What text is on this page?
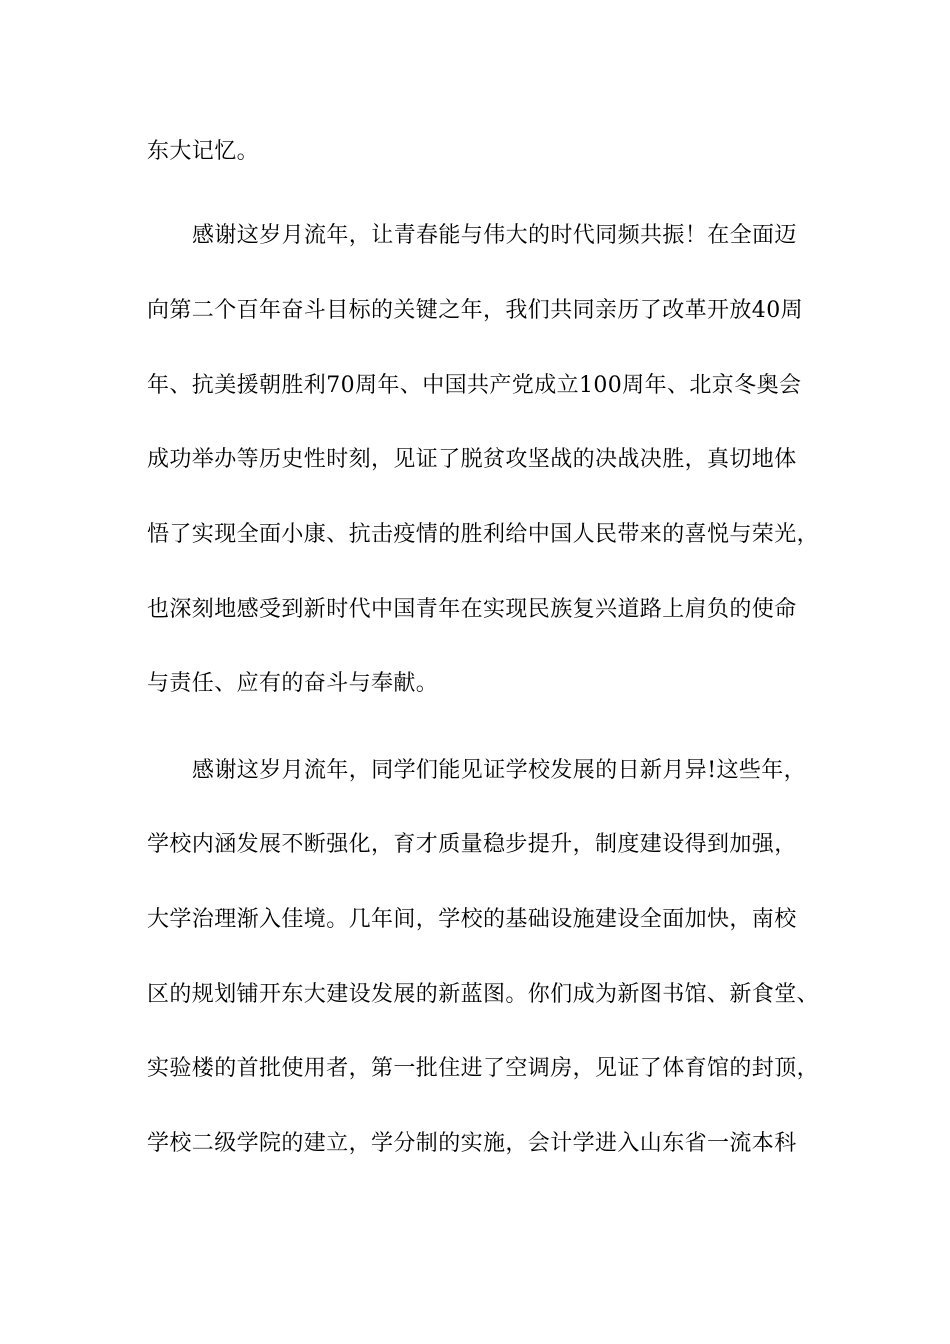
东大记忆。
感谢这岁月流年，让青春能与伟大的时代同频共振！在全面迈
向第二个百年奋斗目标的关键之年，我们共同亲历了改革开放40周
年、抗美援朝胜利70周年、中国共产党成立100周年、北京冬奥会
成功举办等历史性时刻，见证了脱贫攻坚战的决战决胜，真切地体
悟了实现全面小康、抗击疫情的胜利给中国人民带来的喜悦与荣光，
也深刻地感受到新时代中国青年在实现民族复兴道路上肩负的使命
与责任、应有的奋斗与奉献。
感谢这岁月流年，同学们能见证学校发展的日新月异!这些年，
学校内涵发展不断强化，育才质量稳步提升，制度建设得到加强，
大学治理渐入佳境。几年间，学校的基础设施建设全面加快，南校
区的规划铺开东大建设发展的新蓝图。你们成为新图书馆、新食堂、
实验楼的首批使用者，第一批住进了空调房，见证了体育馆的封顶，
学校二级学院的建立，学分制的实施，会计学进入山东省一流本科
